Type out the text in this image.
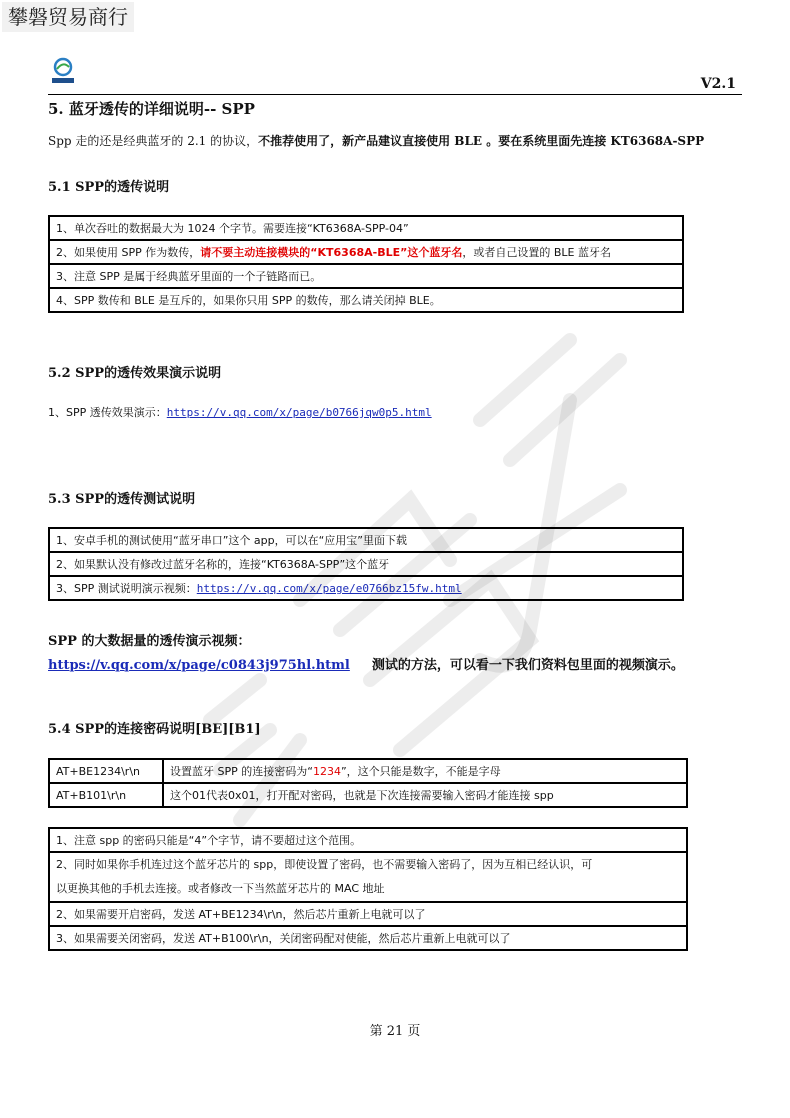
攀磐贸易商行
V2.1
5. 蓝牙透传的详细说明-- SPP
Spp 走的还是经典蓝牙的 2.1 的协议，不推荐使用了，新产品建议直接使用 BLE 。要在系统里面先连接 KT6368A-SPP
5.1 SPP的透传说明
1、单次吞吐的数据最大为 1024 个字节。需要连接“KT6368A-SPP-04”
2、如果使用 SPP 作为数传，请不要主动连接模块的“KT6368A-BLE”这个蓝牙名，或者自己设置的 BLE 蓝牙名
3、注意 SPP 是属于经典蓝牙里面的一个子链路而已。
4、SPP 数传和 BLE 是互斥的，如果你只用 SPP 的数传，那么请关闭掉 BLE。
5.2 SPP的透传效果演示说明
1、SPP 透传效果演示：https://v.qq.com/x/page/b0766jqw0p5.html
5.3 SPP的透传测试说明
1、安卓手机的测试使用“蓝牙串口”这个 app，可以在“应用宝”里面下载
2、如果默认没有修改过蓝牙名称的，连接“KT6368A-SPP”这个蓝牙
3、SPP 测试说明演示视频：https://v.qq.com/x/page/e0766bz15fw.html
SPP 的大数据量的透传演示视频：
https://v.qq.com/x/page/c0843j975hl.html 测试的方法，可以看一下我们资料包里面的视频演示。
5.4 SPP的连接密码说明[BE][B1]
AT+BE1234\r\n	设置蓝牙 SPP 的连接密码为“1234”，这个只能是数字，不能是字母
AT+B101\r\n	这个01代表0x01，打开配对密码，也就是下次连接需要输入密码才能连接 spp
1、注意 spp 的密码只能是“4”个字节，请不要超过这个范围。

2、同时如果你手机连过这个蓝牙芯片的 spp，即使设置了密码，也不需要输入密码了，因为互相已经认识，可
以更换其他的手机去连接。或者修改一下当然蓝牙芯片的 MAC 地址

2、如果需要开启密码，发送 AT+BE1234\r\n，然后芯片重新上电就可以了
3、如果需要关闭密码，发送 AT+B100\r\n，关闭密码配对使能，然后芯片重新上电就可以了
第 21 页
